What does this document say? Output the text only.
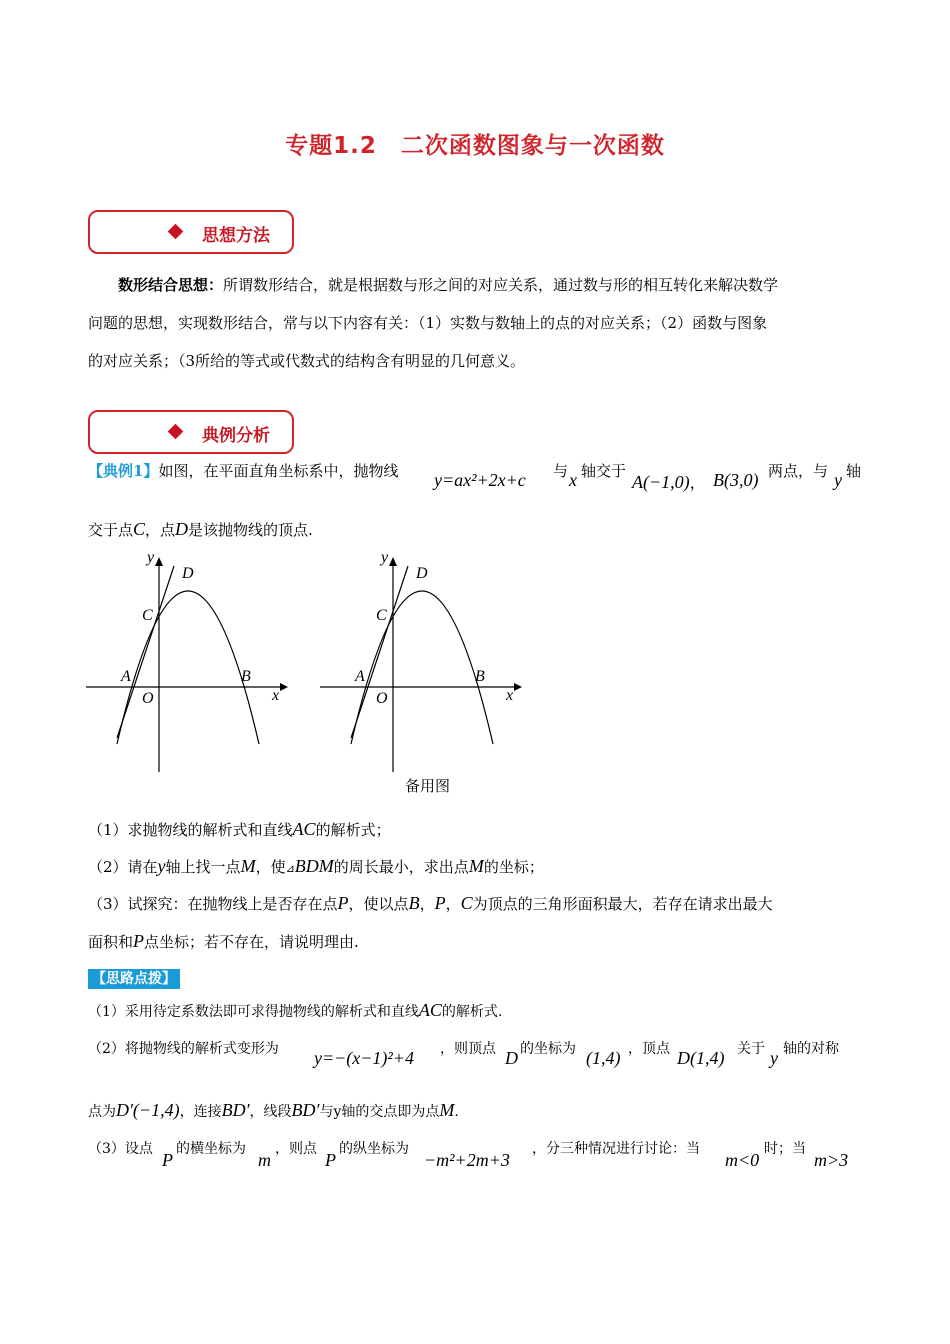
专题1.2　二次函数图象与一次函数
思想方法
数形结合思想：所谓数形结合，就是根据数与形之间的对应关系，通过数与形的相互转化来解决数学
问题的思想，实现数形结合，常与以下内容有关：（1）实数与数轴上的点的对应关系；（2）函数与图象
的对应关系；（3所给的等式或代数式的结构含有明显的几何意义。
典例分析
【典例1】如图，在平面直角坐标系中，抛物线 y=ax²+2x+c 与 x 轴交于
A(−1,0)， B(3,0) 两点，与 y 轴
交于点C，点D是该抛物线的顶点.
y
x
D
C
A
O
B
y
x
D
C
A
O
B
备用图
（1）求抛物线的解析式和直线AC的解析式；
（2）请在y轴上找一点M，使⊿BDM的周长最小，求出点M的坐标；
（3）试探究：在抛物线上是否存在点P，使以点B，P，C为顶点的三角形面积最大，若存在请求出最大
面积和P点坐标；若不存在，请说明理由.
【思路点拨】
（1）采用待定系数法即可求得抛物线的解析式和直线AC的解析式.
（2）将抛物线的解析式变形为 y=−(x−1)²+4 ，则顶点 D 的坐标为 (1,4) ，顶点 D(1,4) 关于 y 轴的对称
点为D′(−1,4)，连接BD′，线段BD′与y轴的交点即为点M.
（3）设点
P
的横坐标为
m
，则点
P
的纵坐标为
−m²+2m+3
，分三种情况进行讨论：当
m<0
时；当
m>3
